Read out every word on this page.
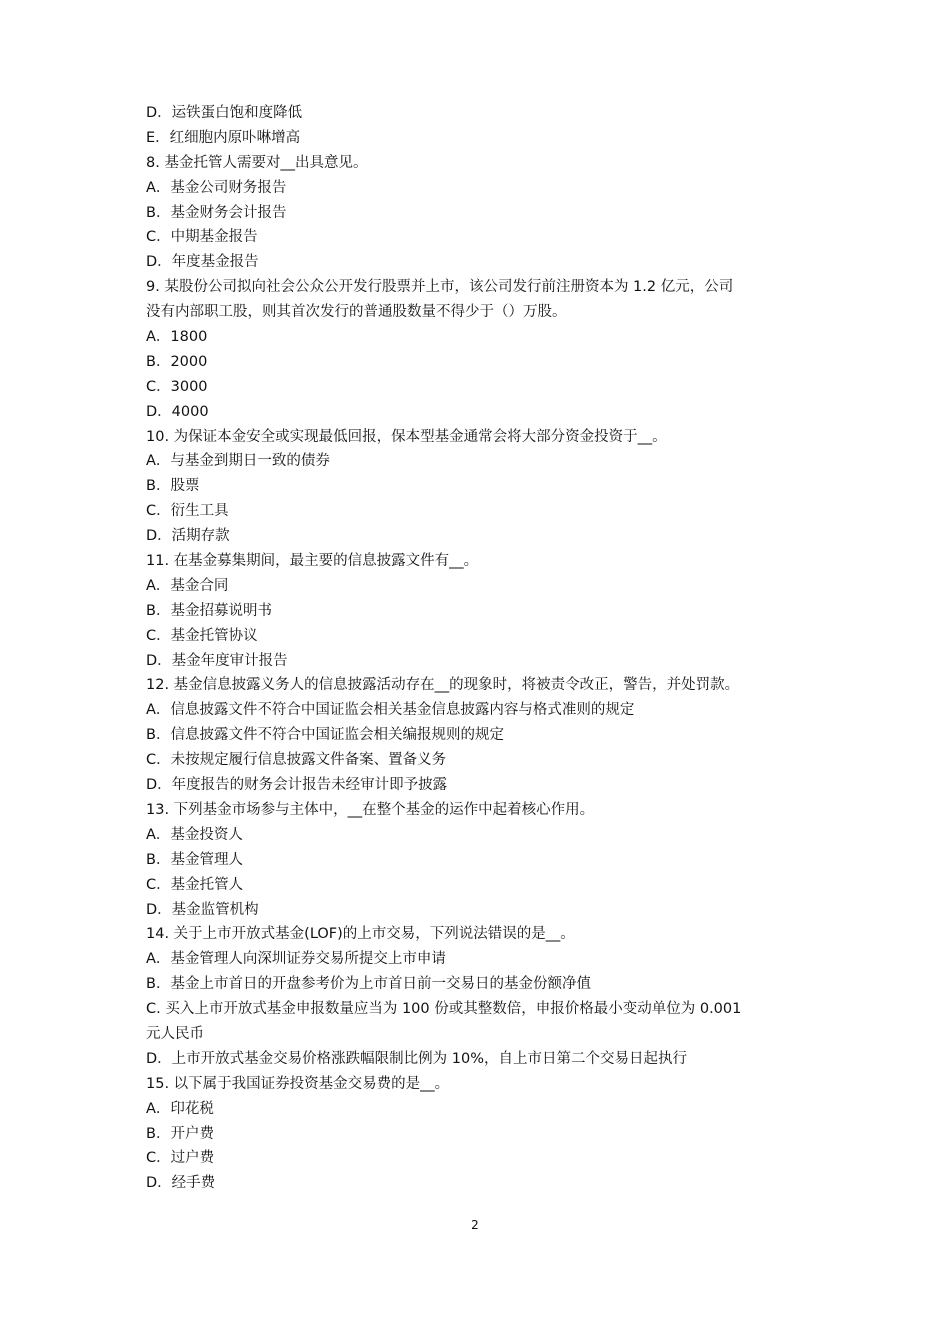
D．运铁蛋白饱和度降低
E．红细胞内原卟啉增高
8. 基金托管人需要对__出具意见。
A．基金公司财务报告
B．基金财务会计报告
C．中期基金报告
D．年度基金报告
9. 某股份公司拟向社会公众公开发行股票并上市，该公司发行前注册资本为 1.2 亿元，公司
没有内部职工股，则其首次发行的普通股数量不得少于（）万股。
A．1800
B．2000
C．3000
D．4000
10. 为保证本金安全或实现最低回报，保本型基金通常会将大部分资金投资于__。
A．与基金到期日一致的债券
B．股票
C．衍生工具
D．活期存款
11. 在基金募集期间，最主要的信息披露文件有__。
A．基金合同
B．基金招募说明书
C．基金托管协议
D．基金年度审计报告
12. 基金信息披露义务人的信息披露活动存在__的现象时，将被责令改正，警告，并处罚款。
A．信息披露文件不符合中国证监会相关基金信息披露内容与格式准则的规定
B．信息披露文件不符合中国证监会相关编报规则的规定
C．未按规定履行信息披露文件备案、置备义务
D．年度报告的财务会计报告未经审计即予披露
13. 下列基金市场参与主体中，__在整个基金的运作中起着核心作用。
A．基金投资人
B．基金管理人
C．基金托管人
D．基金监管机构
14. 关于上市开放式基金(LOF)的上市交易，下列说法错误的是__。
A．基金管理人向深圳证券交易所提交上市申请
B．基金上市首日的开盘参考价为上市首日前一交易日的基金份额净值
C. 买入上市开放式基金申报数量应当为 100 份或其整数倍，申报价格最小变动单位为 0.001
元人民币
D．上市开放式基金交易价格涨跌幅限制比例为 10%，自上市日第二个交易日起执行
15. 以下属于我国证券投资基金交易费的是__。
A．印花税
B．开户费
C．过户费
D．经手费
2
